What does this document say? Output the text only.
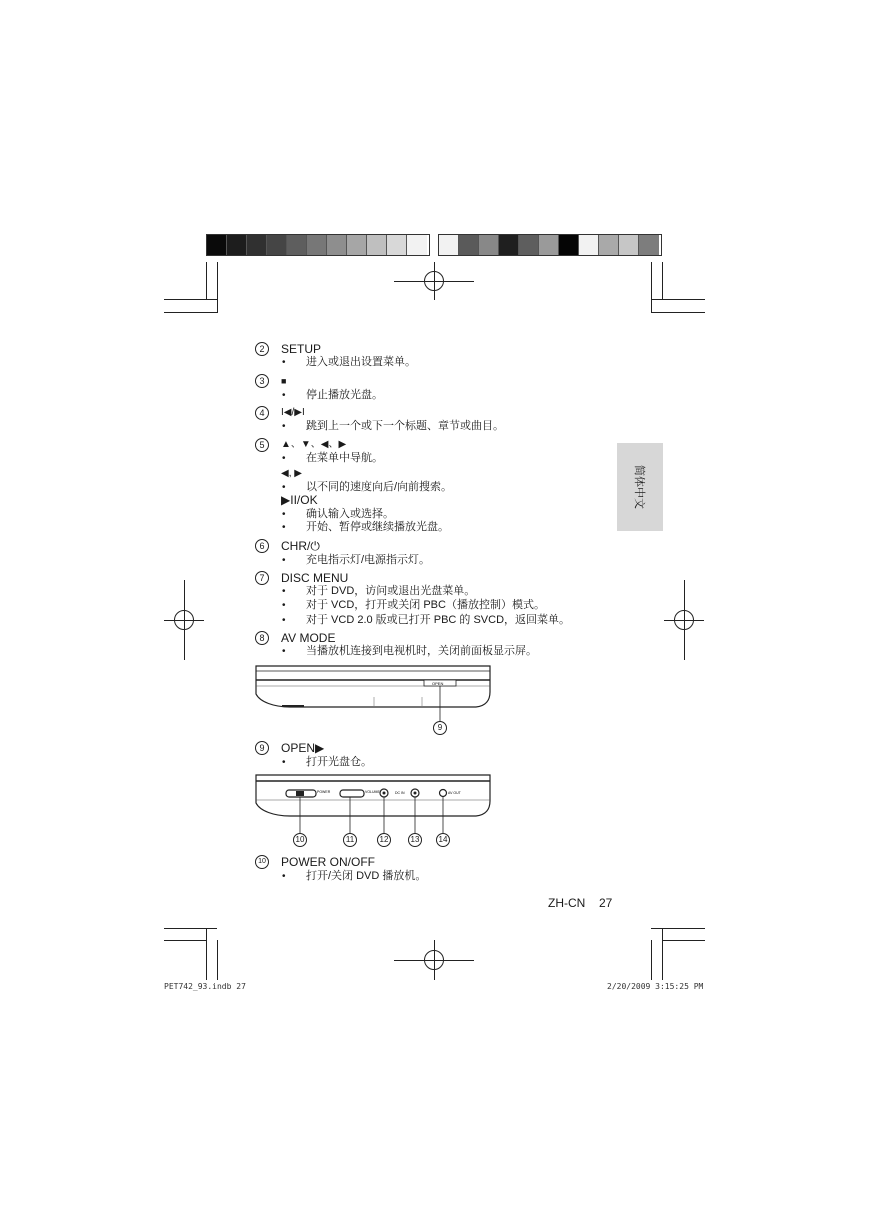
简体中文
2	SETUP
• 进入或退出设置菜单。
3	■
• 停止播放光盘。
4	I◀/▶I
• 跳到上一个或下一个标题、章节或曲目。
5	▲、▼、◀、▶
• 在菜单中导航。
◀, ▶
• 以不同的速度向后/向前搜索。
▶II/OK
• 确认输入或选择。
• 开始、暂停或继续播放光盘。
6	CHR/⏻
• 充电指示灯/电源指示灯。
7	DISC MENU
• 对于 DVD，访问或退出光盘菜单。
• 对于 VCD，打开或关闭 PBC（播放控制）模式。
• 对于 VCD 2.0 版或已打开 PBC 的 SVCD，返回菜单。
8	AV MODE
• 当播放机连接到电视机时，关闭前面板显示屏。
OPEN
9
9	OPEN▶
• 打开光盘仓。
POWER	VOLUME	DC IN	AV OUT
10	11	12	13	14
10 POWER ON/OFF
• 打开/关闭 DVD 播放机。
ZH-CN 27
PET742_93.indb 27	2/20/2009 3:15:25 PM
